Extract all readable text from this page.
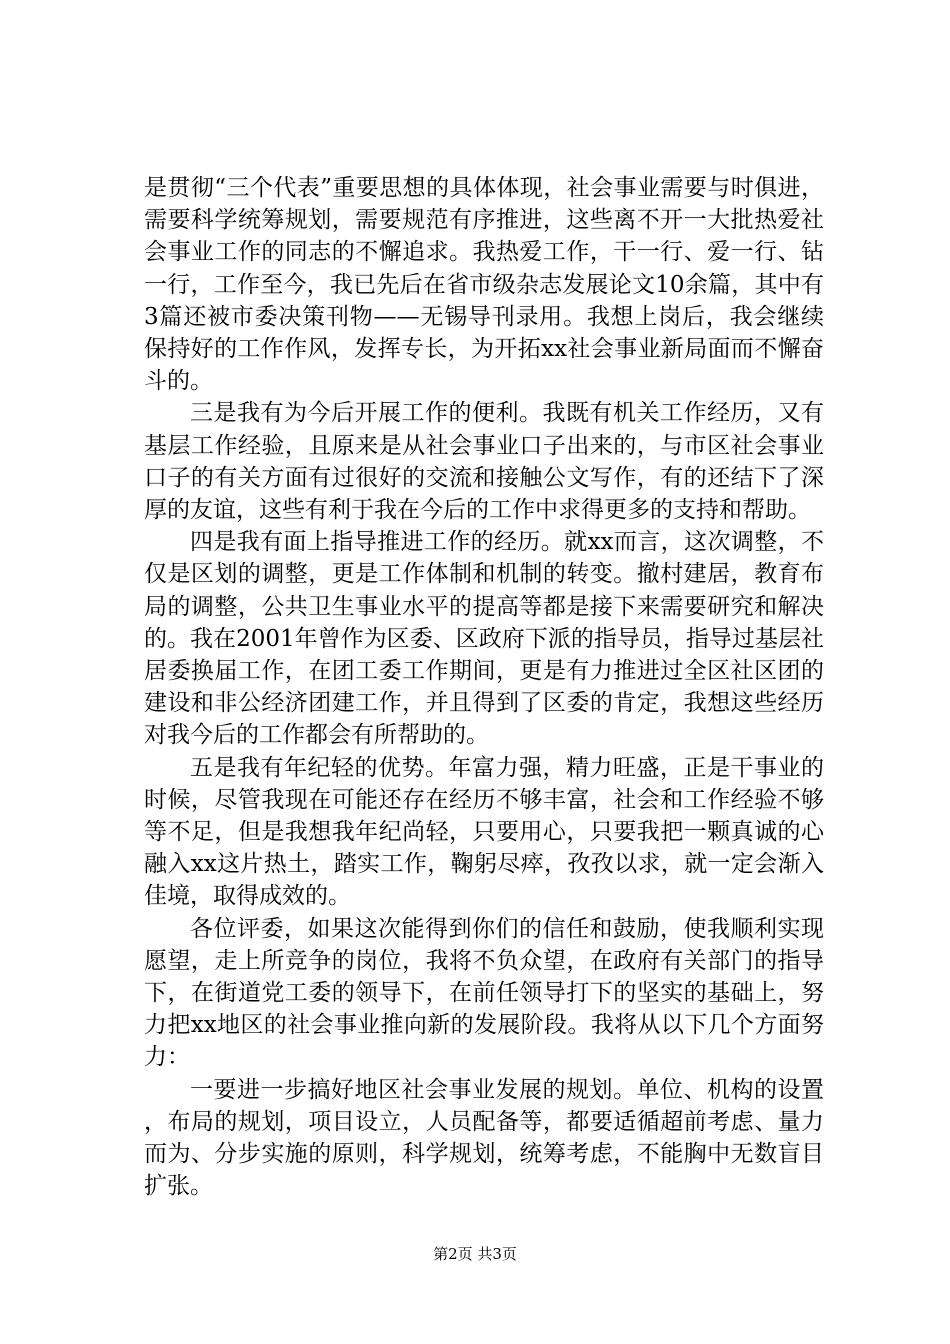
是贯彻“三个代表”重要思想的具体体现，社会事业需要与时俱进，需要科学统筹规划，需要规范有序推进，这些离不开一大批热爱社会事业工作的同志的不懈追求。我热爱工作，干一行、爱一行、钻一行，工作至今，我已先后在省市级杂志发展论文10余篇，其中有3篇还被市委决策刊物——无锡导刊录用。我想上岗后，我会继续保持好的工作作风，发挥专长，为开拓xx社会事业新局面而不懈奋斗的。

三是我有为今后开展工作的便利。我既有机关工作经历，又有基层工作经验，且原来是从社会事业口子出来的，与市区社会事业口子的有关方面有过很好的交流和接触公文写作，有的还结下了深厚的友谊，这些有利于我在今后的工作中求得更多的支持和帮助。

四是我有面上指导推进工作的经历。就xx而言，这次调整，不仅是区划的调整，更是工作体制和机制的转变。撤村建居，教育布局的调整，公共卫生事业水平的提高等都是接下来需要研究和解决的。我在2001年曾作为区委、区政府下派的指导员，指导过基层社居委换届工作，在团工委工作期间，更是有力推进过全区社区团的建设和非公经济团建工作，并且得到了区委的肯定，我想这些经历对我今后的工作都会有所帮助的。

五是我有年纪轻的优势。年富力强，精力旺盛，正是干事业的时候，尽管我现在可能还存在经历不够丰富，社会和工作经验不够等不足，但是我想我年纪尚轻，只要用心，只要我把一颗真诚的心融入xx这片热土，踏实工作，鞠躬尽瘁，孜孜以求，就一定会渐入佳境，取得成效的。

各位评委，如果这次能得到你们的信任和鼓励，使我顺利实现愿望，走上所竞争的岗位，我将不负众望，在政府有关部门的指导下，在街道党工委的领导下，在前任领导打下的坚实的基础上，努力把xx地区的社会事业推向新的发展阶段。我将从以下几个方面努力：

一要进一步搞好地区社会事业发展的规划。单位、机构的设置，布局的规划，项目设立，人员配备等，都要适循超前考虑、量力而为、分步实施的原则，科学规划，统筹考虑，不能胸中无数盲目扩张。

第2页 共3页
